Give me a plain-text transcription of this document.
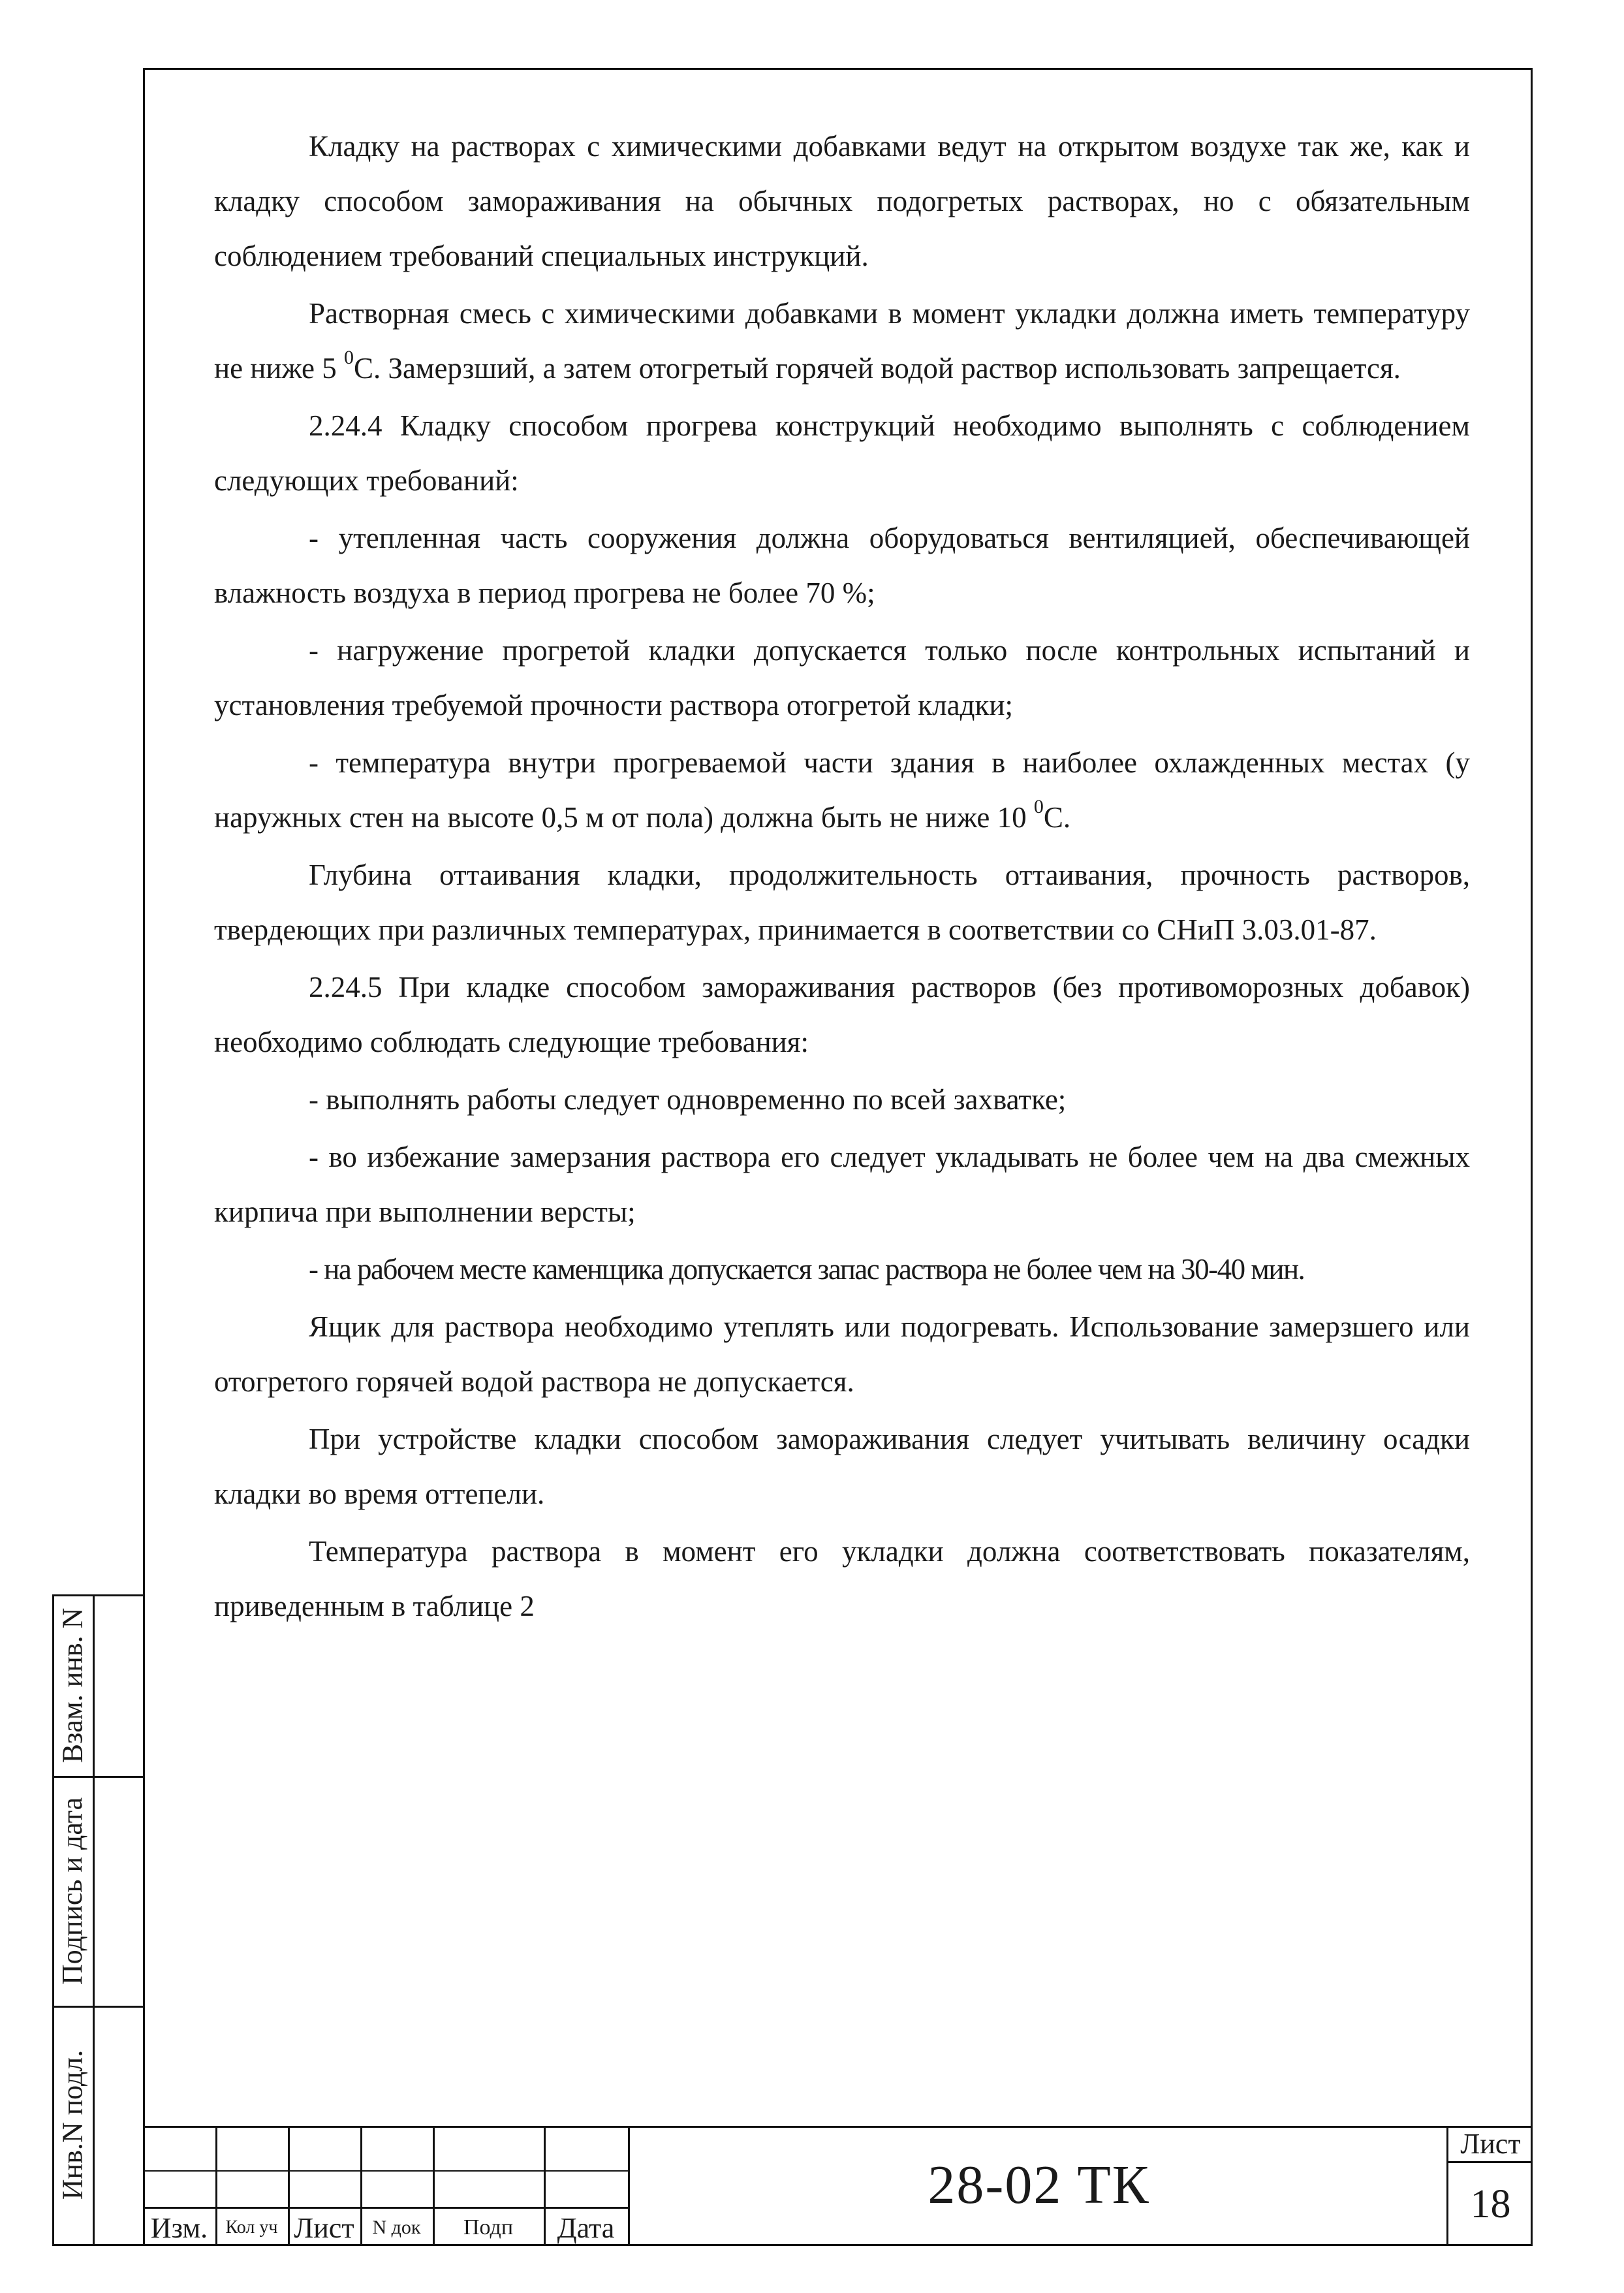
Кладку на растворах с химическими добавками ведут на открытом воздухе так же, как и кладку способом замораживания на обычных подогретых растворах, но с обязательным соблюдением требований специальных инструкций.

Растворная смесь с химическими добавками в момент укладки должна иметь температуру не ниже 5 $^0$С. Замерзший, а затем отогретый горячей водой раствор использовать запрещается.

2.24.4 Кладку способом прогрева конструкций необходимо выполнять с соблюдением следующих требований:

- утепленная часть сооружения должна оборудоваться вентиляцией, обеспечивающей влажность воздуха в период прогрева не более 70 %;

- нагружение прогретой кладки допускается только после контрольных испытаний и установления требуемой прочности раствора отогретой кладки;

- температура внутри прогреваемой части здания в наиболее охлажденных местах (у наружных стен на высоте 0,5 м от пола) должна быть не ниже 10 $^0$С.

Глубина оттаивания кладки, продолжительность оттаивания, прочность растворов, твердеющих при различных температурах, принимается в соответствии со СНиП 3.03.01-87.

2.24.5 При кладке способом замораживания растворов (без противоморозных добавок) необходимо соблюдать следующие требования:

- выполнять работы следует одновременно по всей захватке;

- во избежание замерзания раствора его следует укладывать не более чем на два смежных кирпича при выполнении версты;

- на рабочем месте каменщика допускается запас раствора не более чем на 30-40 мин.

Ящик для раствора необходимо утеплять или подогревать. Использование замерзшего или отогретого горячей водой раствора не допускается.

При устройстве кладки способом замораживания следует учитывать величину осадки кладки во время оттепели.

Температура раствора в момент его укладки должна соответствовать показателям, приведенным в таблице 2

Взам. инв. N
Подпись и дата
Инв.N подл.
Изм. Кол уч Лист N док	Подп	Дата
28-02 ТК
Лист
18
